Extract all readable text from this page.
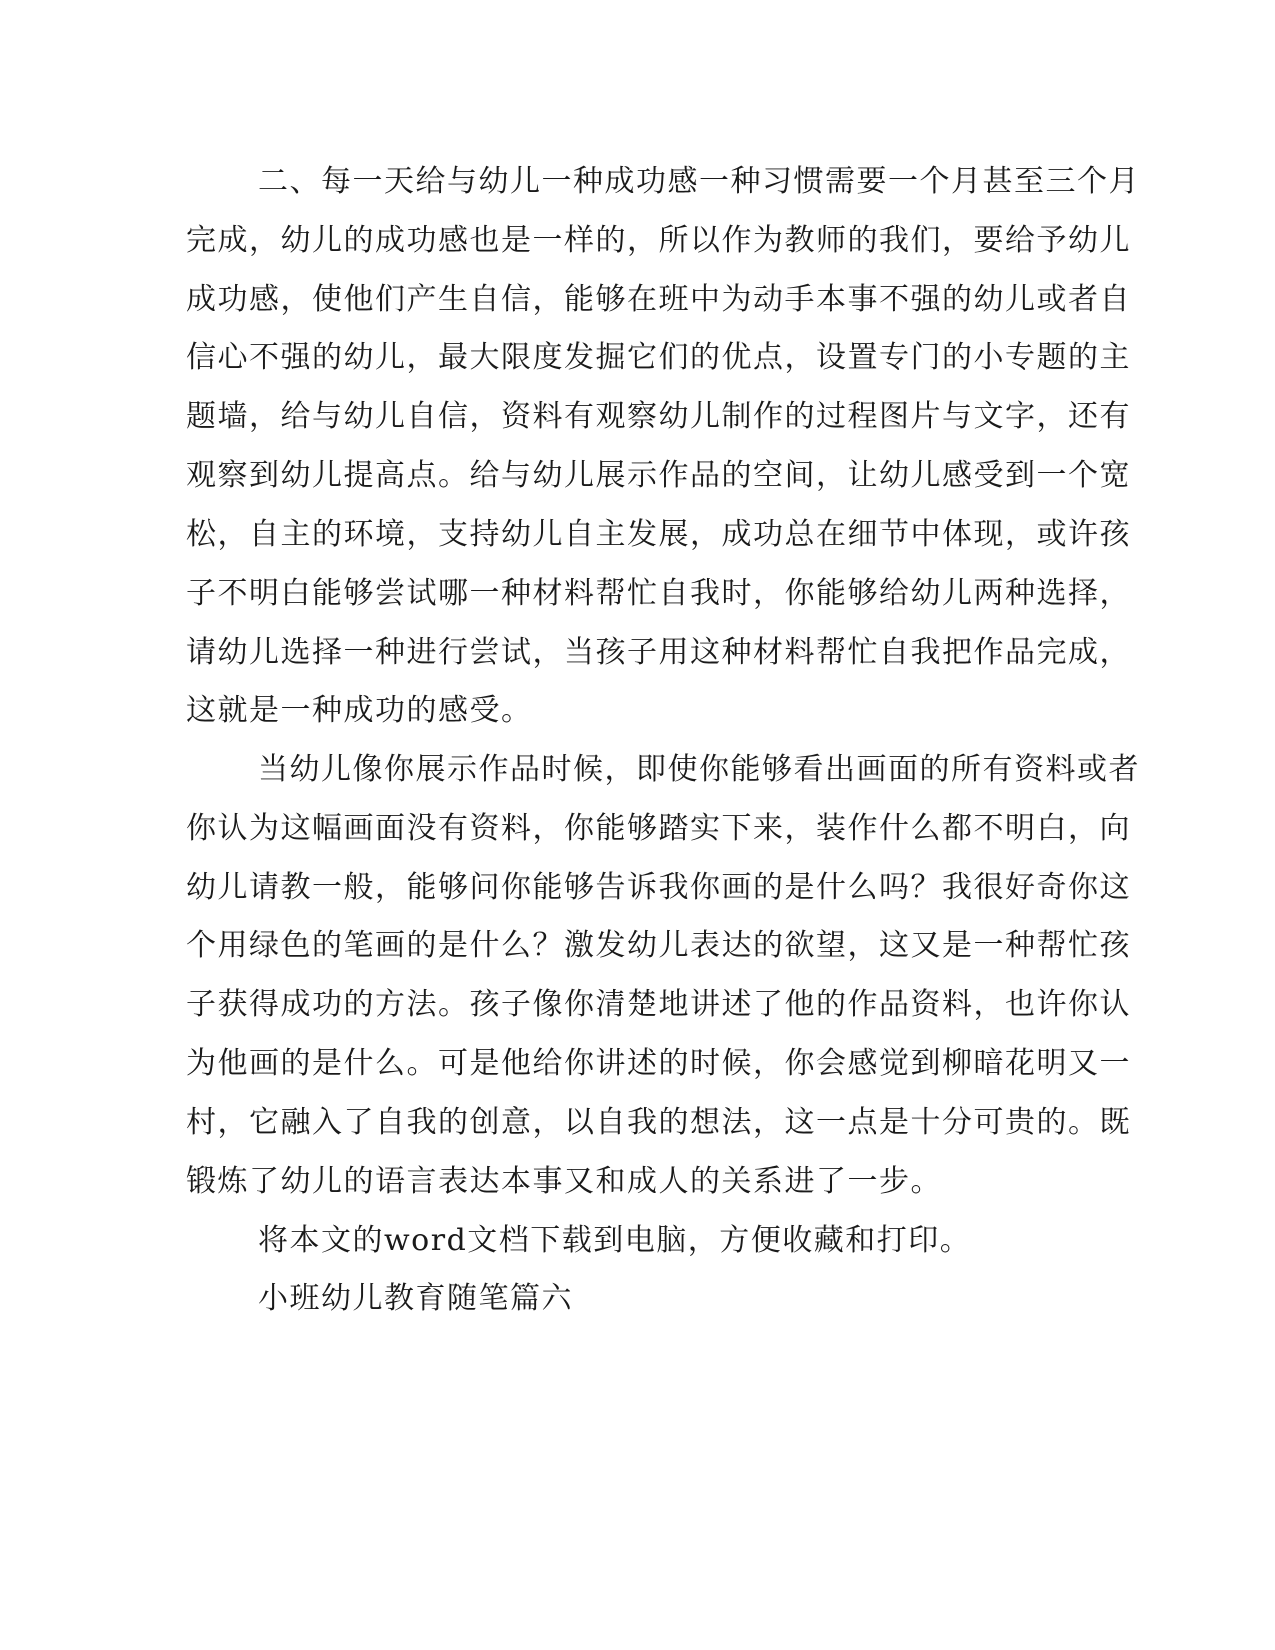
二、每一天给与幼儿一种成功感一种习惯需要一个月甚至三个月
完成，幼儿的成功感也是一样的，所以作为教师的我们，要给予幼儿
成功感，使他们产生自信，能够在班中为动手本事不强的幼儿或者自
信心不强的幼儿，最大限度发掘它们的优点，设置专门的小专题的主
题墙，给与幼儿自信，资料有观察幼儿制作的过程图片与文字，还有
观察到幼儿提高点。给与幼儿展示作品的空间，让幼儿感受到一个宽
松，自主的环境，支持幼儿自主发展，成功总在细节中体现，或许孩
子不明白能够尝试哪一种材料帮忙自我时，你能够给幼儿两种选择，
请幼儿选择一种进行尝试，当孩子用这种材料帮忙自我把作品完成，
这就是一种成功的感受。
当幼儿像你展示作品时候，即使你能够看出画面的所有资料或者
你认为这幅画面没有资料，你能够踏实下来，装作什么都不明白，向
幼儿请教一般，能够问你能够告诉我你画的是什么吗？我很好奇你这
个用绿色的笔画的是什么？激发幼儿表达的欲望，这又是一种帮忙孩
子获得成功的方法。孩子像你清楚地讲述了他的作品资料，也许你认
为他画的是什么。可是他给你讲述的时候，你会感觉到柳暗花明又一
村，它融入了自我的创意，以自我的想法，这一点是十分可贵的。既
锻炼了幼儿的语言表达本事又和成人的关系进了一步。
将本文的word文档下载到电脑，方便收藏和打印。
小班幼儿教育随笔篇六
